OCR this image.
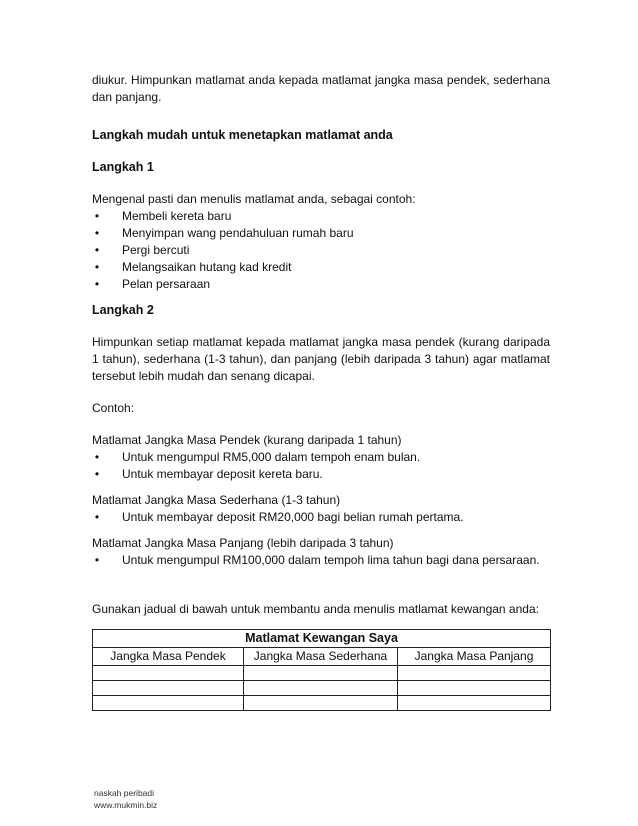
diukur. Himpunkan matlamat anda kepada matlamat jangka masa pendek, sederhana dan panjang.

Langkah mudah untuk menetapkan matlamat anda

Langkah 1

Mengenal pasti dan menulis matlamat anda, sebagai contoh:

• Membeli kereta baru
• Menyimpan wang pendahuluan rumah baru
• Pergi bercuti
• Melangsaikan hutang kad kredit
• Pelan persaraan

Langkah 2

Himpunkan setiap matlamat kepada matlamat jangka masa pendek (kurang daripada 1 tahun), sederhana (1-3 tahun), dan panjang (lebih daripada 3 tahun) agar matlamat tersebut lebih mudah dan senang dicapai.

Contoh:

Matlamat Jangka Masa Pendek (kurang daripada 1 tahun)

• Untuk mengumpul RM5,000 dalam tempoh enam bulan.
• Untuk membayar deposit kereta baru.

Matlamat Jangka Masa Sederhana (1-3 tahun)

• Untuk membayar deposit RM20,000 bagi belian rumah pertama.

Matlamat Jangka Masa Panjang (lebih daripada 3 tahun)

• Untuk mengumpul RM100,000 dalam tempoh lima tahun bagi dana persaraan.

Gunakan jadual di bawah untuk membantu anda menulis matlamat kewangan anda:

Matlamat Kewangan Saya		
Jangka Masa Pendek	Jangka Masa Sederhana	Jangka Masa Panjang

naskah peribadi
www.mukmin.biz
